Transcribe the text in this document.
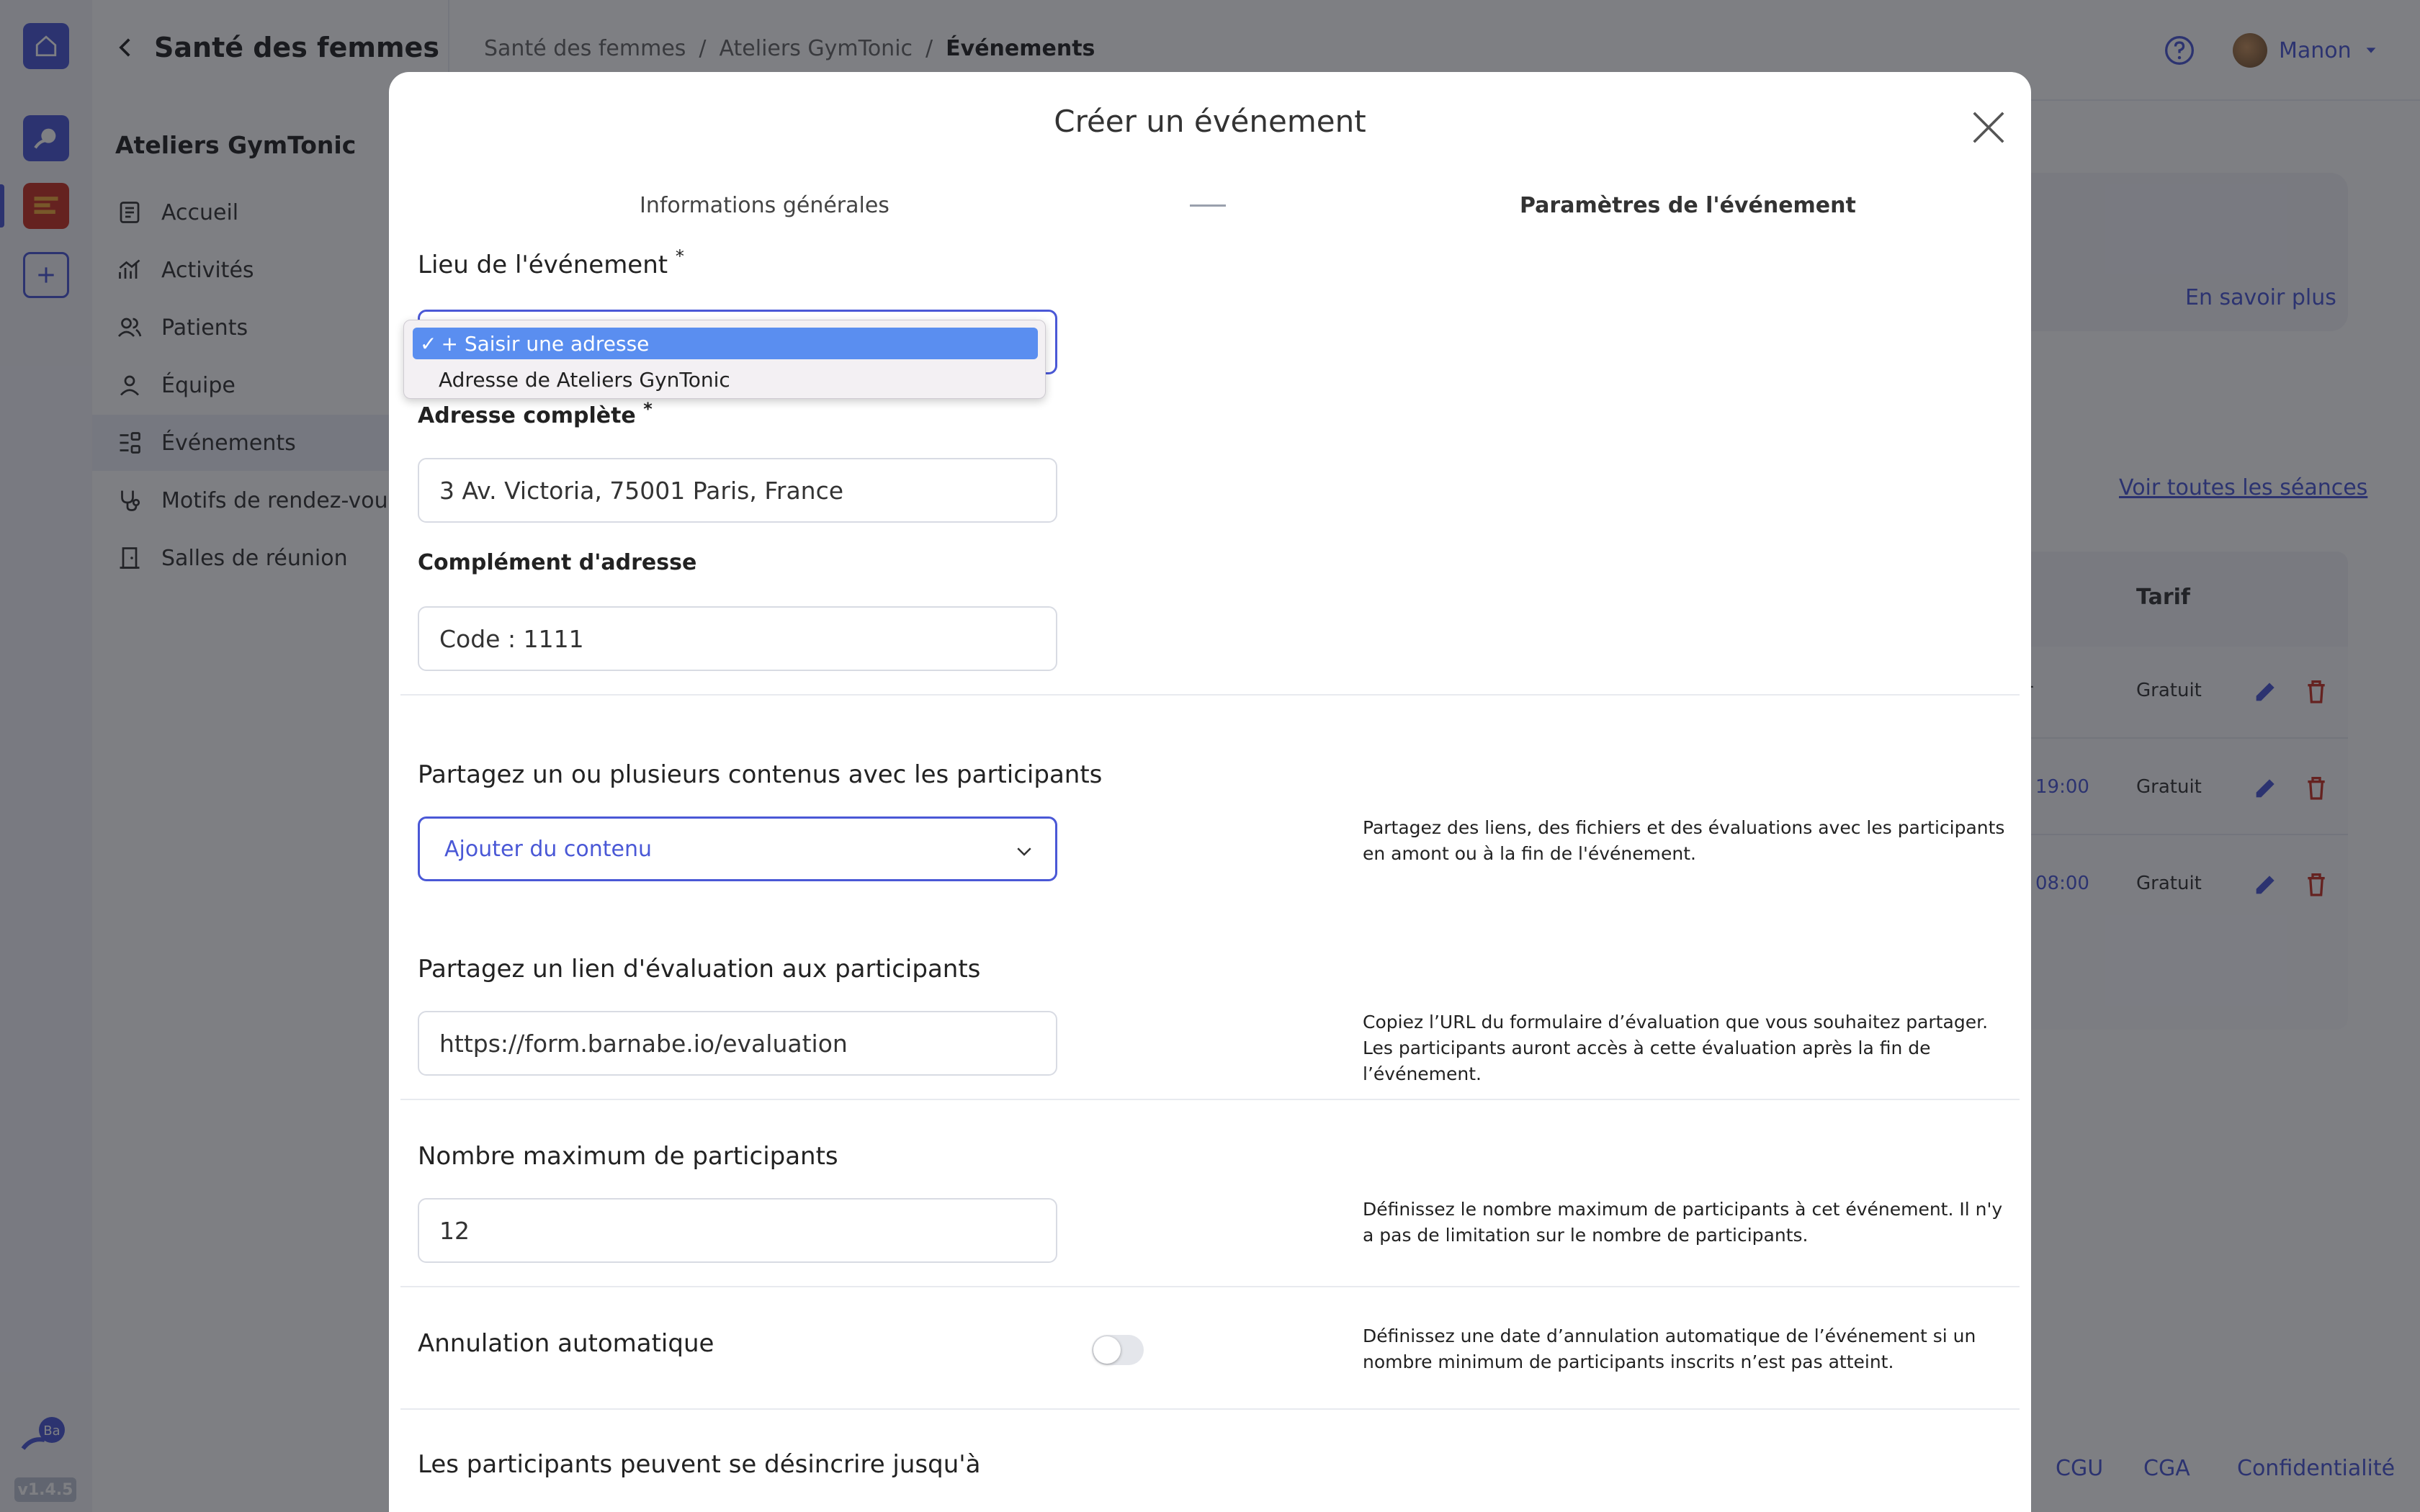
Créer un événement
Informations générales	Paramètres de l'événement
Lieu de l'événement *
✓ + Saisir une adresse
Adresse de Ateliers GynTonic
Adresse complète *
3 Av. Victoria, 75001 Paris, France
Complément d'adresse
Code : 1111
Partagez un ou plusieurs contenus avec les participants
Ajouter du contenu
Partagez des liens, des fichiers et des évaluations avec les participants en amont ou à la fin de l'événement.
Partagez un lien d'évaluation aux participants
https://form.barnabe.io/evaluation
Copiez l’URL du formulaire d’évaluation que vous souhaitez partager. Les participants auront accès à cette évaluation après la fin de l’événement.
Nombre maximum de participants
12
Définissez le nombre maximum de participants à cet événement. Il n'y a pas de limitation sur le nombre de participants.
Annulation automatique	Définissez une date d’annulation automatique de l’événement si un nombre minimum de participants inscrits n’est pas atteint.
Les participants peuvent se désincrire jusqu'à
